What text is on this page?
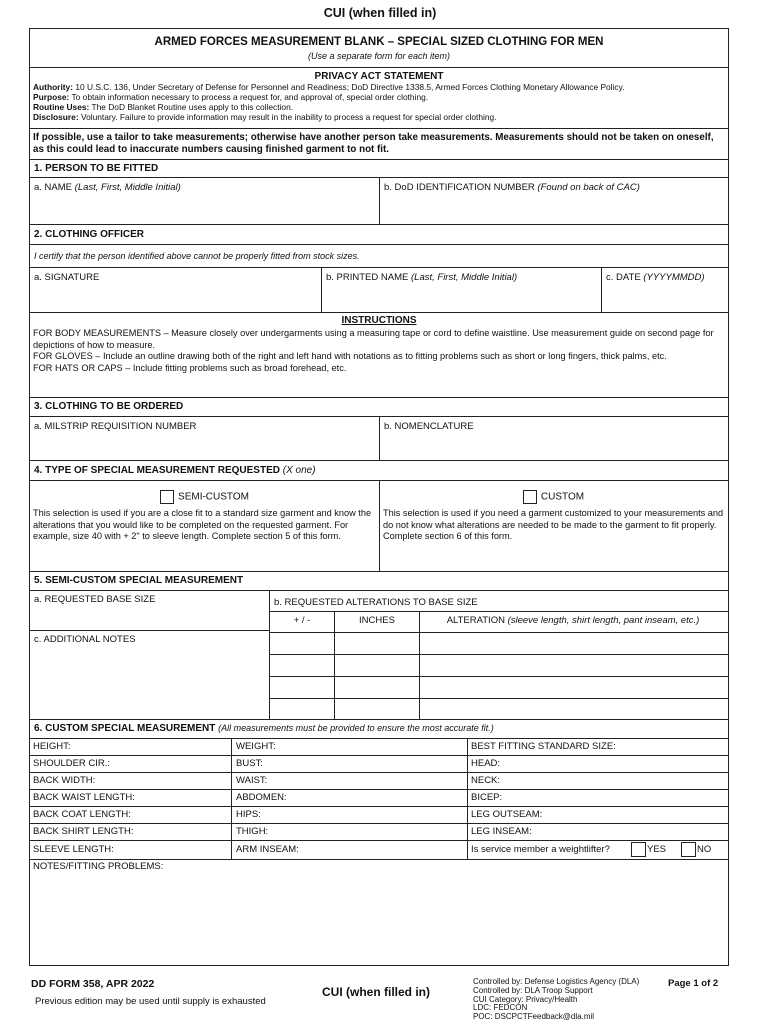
CUI (when filled in)
ARMED FORCES MEASUREMENT BLANK – SPECIAL SIZED CLOTHING FOR MEN
(Use a separate form for each item)
PRIVACY ACT STATEMENT
Authority: 10 U.S.C. 136, Under Secretary of Defense for Personnel and Readiness; DoD Directive 1338.5, Armed Forces Clothing Monetary Allowance Policy.
Purpose: To obtain information necessary to process a request for, and approval of, special order clothing.
Routine Uses: The DoD Blanket Routine uses apply to this collection.
Disclosure: Voluntary. Failure to provide information may result in the inability to process a request for special order clothing.
If possible, use a tailor to take measurements; otherwise have another person take measurements. Measurements should not be taken on oneself, as this could lead to inaccurate numbers causing finished garment to not fit.
1. PERSON TO BE FITTED
a. NAME (Last, First, Middle Initial)	b. DoD IDENTIFICATION NUMBER (Found on back of CAC)
2. CLOTHING OFFICER
I certify that the person identified above cannot be properly fitted from stock sizes.
a. SIGNATURE	b. PRINTED NAME (Last, First, Middle Initial)	c. DATE (YYYYMMDD)
INSTRUCTIONS
FOR BODY MEASUREMENTS – Measure closely over undergarments using a measuring tape or cord to define waistline. Use measurement guide on second page for depictions of how to measure.
FOR GLOVES – Include an outline drawing both of the right and left hand with notations as to fitting problems such as short or long fingers, thick palms, etc.
FOR HATS OR CAPS – Include fitting problems such as broad forehead, etc.
3. CLOTHING TO BE ORDERED
a. MILSTRIP REQUISITION NUMBER	b. NOMENCLATURE
4. TYPE OF SPECIAL MEASUREMENT REQUESTED (X one)
SEMI-CUSTOM
This selection is used if you are a close fit to a standard size garment and know the alterations that you would like to be completed on the requested garment. For example, size 40 with + 2" to sleeve length. Complete section 5 of this form.
CUSTOM
This selection is used if you need a garment customized to your measurements and do not know what alterations are needed to be made to the garment to fit properly. Complete section 6 of this form.
5. SEMI-CUSTOM SPECIAL MEASUREMENT
a. REQUESTED BASE SIZE
c. ADDITIONAL NOTES
b. REQUESTED ALTERATIONS TO BASE SIZE
+ / -	INCHES	ALTERATION (sleeve length, shirt length, pant inseam, etc.)
6. CUSTOM SPECIAL MEASUREMENT (All measurements must be provided to ensure the most accurate fit.)
HEIGHT:	WEIGHT:	BEST FITTING STANDARD SIZE:
SHOULDER CIR.:	BUST:	HEAD:
BACK WIDTH:	WAIST:	NECK:
BACK WAIST LENGTH:	ABDOMEN:	BICEP:
BACK COAT LENGTH:	HIPS:	LEG OUTSEAM:
BACK SHIRT LENGTH:	THIGH:	LEG INSEAM:
SLEEVE LENGTH:	ARM INSEAM:	Is service member a weightlifter?	YES	NO
NOTES/FITTING PROBLEMS:
DD FORM 358, APR 2022
Previous edition may be used until supply is exhausted
CUI (when filled in)
Controlled by: Defense Logistics Agency (DLA)
Controlled by: DLA Troop Support
CUI Category: Privacy/Health
LDC: FEDCON
POC: DSCPCTFeedback@dla.mil
Page 1 of 2
